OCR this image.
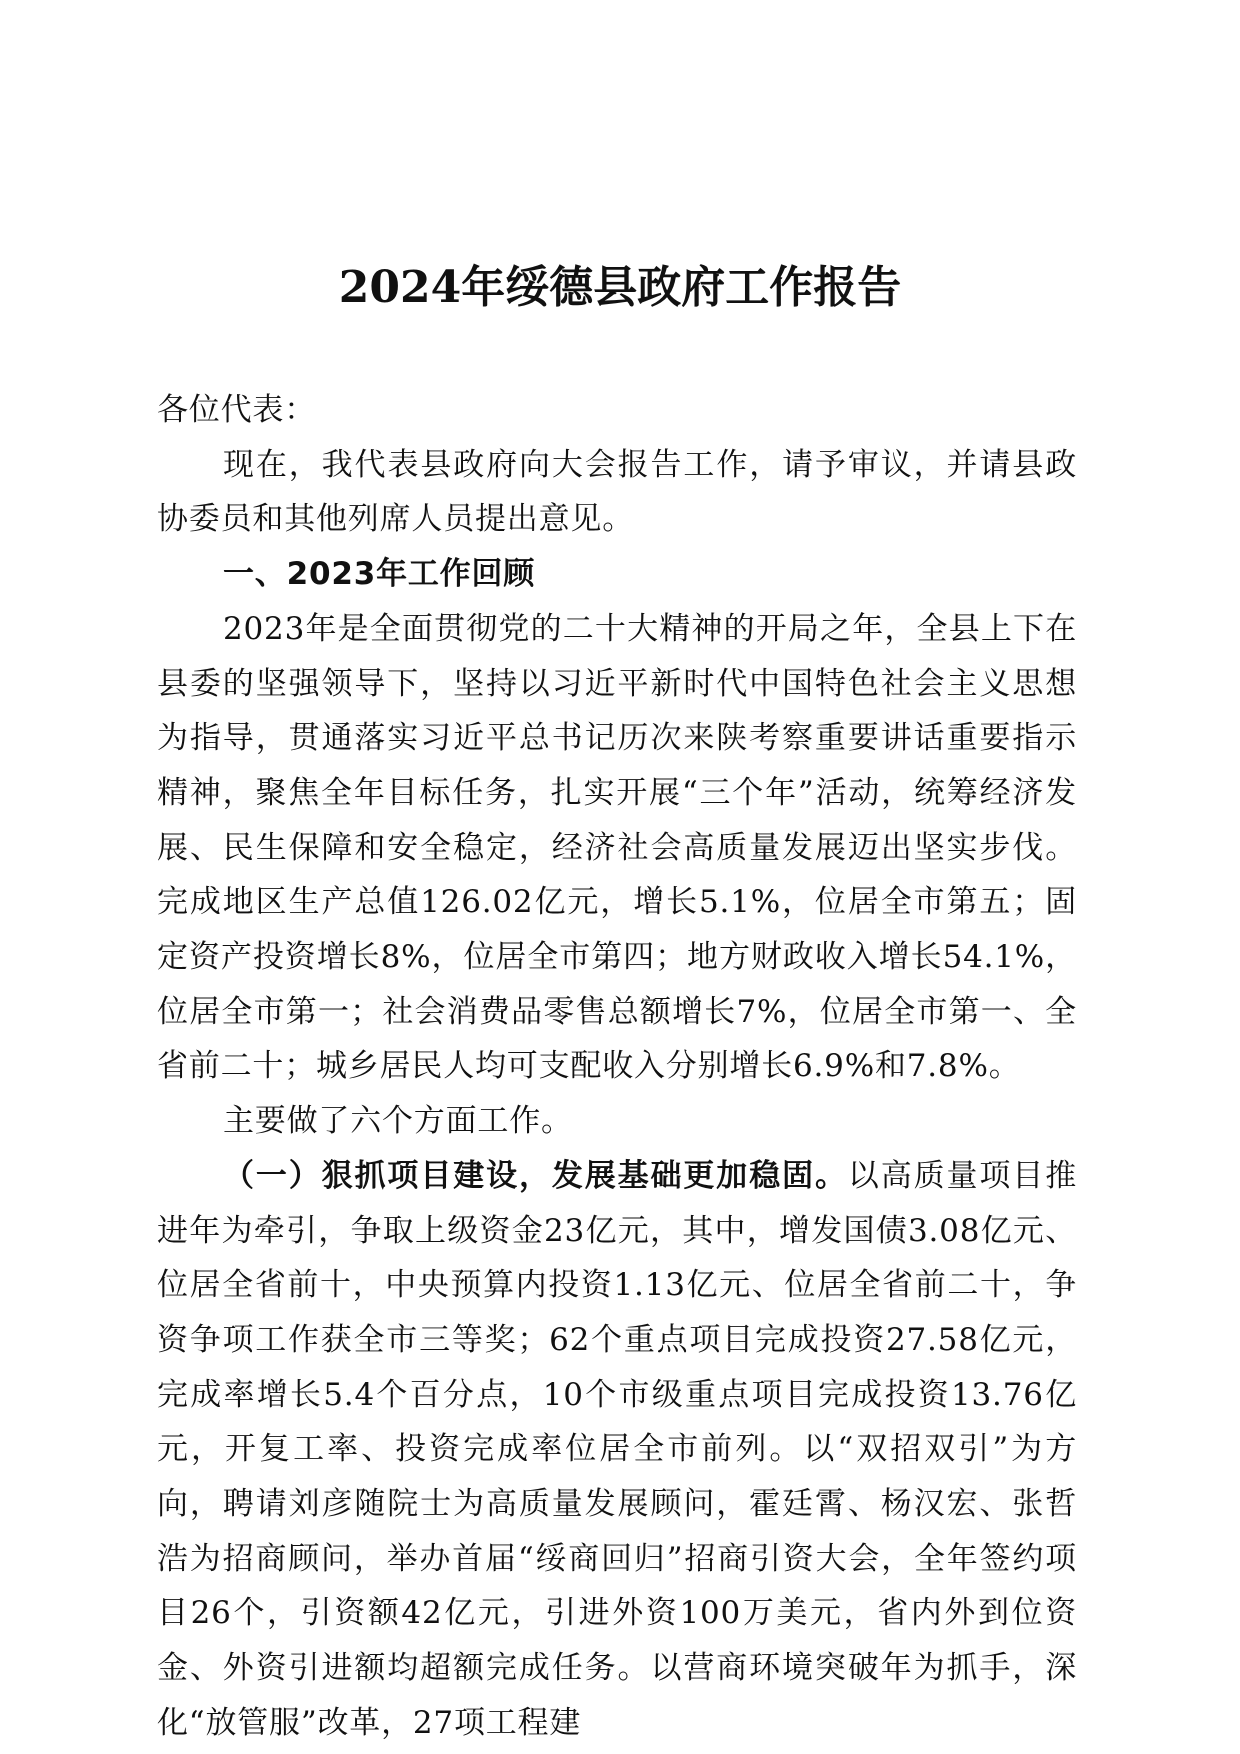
2024年绥德县政府工作报告

各位代表：

现在，我代表县政府向大会报告工作，请予审议，并请县政协委员和其他列席人员提出意见。

一、2023年工作回顾

2023年是全面贯彻党的二十大精神的开局之年，全县上下在县委的坚强领导下，坚持以习近平新时代中国特色社会主义思想为指导，贯通落实习近平总书记历次来陕考察重要讲话重要指示精神，聚焦全年目标任务，扎实开展“三个年”活动，统筹经济发展、民生保障和安全稳定，经济社会高质量发展迈出坚实步伐。完成地区生产总值126.02亿元，增长5.1%，位居全市第五；固定资产投资增长8%，位居全市第四；地方财政收入增长54.1%，位居全市第一；社会消费品零售总额增长7%，位居全市第一、全省前二十；城乡居民人均可支配收入分别增长6.9%和7.8%。

主要做了六个方面工作。

（一）狠抓项目建设，发展基础更加稳固。以高质量项目推进年为牵引，争取上级资金23亿元，其中，增发国债3.08亿元、位居全省前十，中央预算内投资1.13亿元、位居全省前二十，争资争项工作获全市三等奖；62个重点项目完成投资27.58亿元，完成率增长5.4个百分点，10个市级重点项目完成投资13.76亿元，开复工率、投资完成率位居全市前列。以“双招双引”为方向，聘请刘彦随院士为高质量发展顾问，霍廷霄、杨汉宏、张哲浩为招商顾问，举办首届“绥商回归”招商引资大会，全年签约项目26个，引资额42亿元，引进外资100万美元，省内外到位资金、外资引进额均超额完成任务。以营商环境突破年为抓手，深化“放管服”改革，27项工程建
